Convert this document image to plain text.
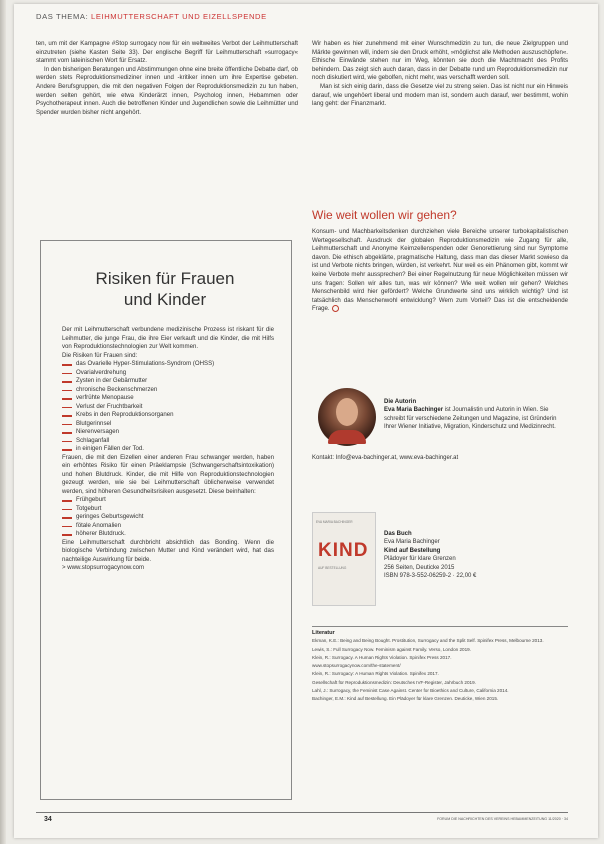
DAS THEMA: LEIHMUTTERSCHAFT UND EIZELLSPENDE

ten, um mit der Kampagne #Stop surrogacy now für ein weltweites Verbot der Leihmutterschaft einzutreten (siehe Kasten Seite 33). Der englische Begriff für Leihmutterschaft »surrogacy« stammt vom lateinischen Wort für Ersatz.

In den bisherigen Beratungen und Abstimmungen ohne eine breite öffentliche Debatte darf, ob werden stets Reproduktionsmediziner innen und -kritiker innen um ihre Expertise gebeten. Andere Berufsgruppen, die mit den negativen Folgen der Reproduktionsmedizin zu tun haben, werden selten gehört, wie etwa Kinderärzt innen, Psycholog innen, Hebammen oder Psychotherapeut innen. Auch die betroffenen Kinder und Jugendlichen sowie die Leihmütter und Spender wurden bisher nicht angehört.

Wir haben es hier zunehmend mit einer Wunschmedizin zu tun, die neue Zielgruppen und Märkte gewinnen will, indem sie den Druck erhöht, »möglichst alle Methoden auszuschöpfen«. Ethische Einwände stehen nur im Weg, könnten sie doch die Machtmacht des Profits behindern. Das zeigt sich auch daran, dass in der Debatte rund um Reproduktionsmedizin nur noch diskutiert wird, wie gebolfen, nicht mehr, was verschafft werden soll.

Man ist sich einig darin, dass die Gesetze viel zu streng seien. Das ist nicht nur ein Hinweis darauf, wie ungehöert liberal und modern man ist, sondern auch darauf, wer bestimmt, wohin lang geht: der Finanzmarkt.

Wie weit wollen wir gehen?
Konsum- und Machbarkeitsdenken durchziehen viele Bereiche unserer turbokapitalistischen Wertegesellschaft. Ausdruck der globalen Reproduktionsmedizin wie Zugang für alle, Leihmutterschaft und Anonyme Keimzellenspenden oder Genorettierung sind nur Symptome davon. Die ethisch abgeklärte, pragmatische Haltung, dass man das dieser Markt sowieso da ist und Verbote nichts bringen, würden, ist verkehrt. Nur weil es ein Phänomen gibt, kommt wir keine Verbote mehr aussprechen? Bei einer Regelnutzung für neue Möglichkeiten müssen wir uns fragen: Sollen wir alles tun, was wir können? Wie weit wollen wir gehen? Welches Menschenbild wird hier gefördert? Welche Grundwerte sind uns wirklich wichtig? Und ist tatsächlich das Menschenwohl entwicklung? Wem zum Vorteil? Das ist die entscheidende Frage.
Risiken für Frauen
und Kinder

Der mit Leihmutterschaft verbundene medizinische Prozess ist riskant für die Leihmutter, die junge Frau, die ihre Eier verkauft und die Kinder, die mit Hilfs von Reproduktionstechnologien zur Welt kommen.

Die Risiken für Frauen sind:

das Ovarielle Hyper-Stimulations-Syndrom (OHSS)
Ovarialverdrehung
Zysten in der Gebärmutter
chronische Beckenschmerzen
verfrühte Menopause
Verlust der Fruchtbarkeit
Krebs in den Reproduktionsorganen
Blutgerinnsel
Nierenversagen
Schlaganfall
in einigen Fällen der Tod.

Frauen, die mit den Eizellen einer anderen Frau schwanger werden, haben ein erhöhtes Risiko für einen Präeklampsie (Schwangerschaftsintoxikation) und hohen Blutdruck. Kinder, die mit Hilfe von Reproduktionstechnologien gezeugt werden, wie sie bei Leihmutterschaft üblicherweise verwendet werden, sind höheren Gesundheitsrisiken ausgesetzt. Diese beinhalten:

Frühgeburt
Totgeburt
geringes Geburtsgewicht
fötale Anomalien
höherer Blutdruck.

Eine Leihmutterschaft durchbricht absichtlich das Bonding. Wenn die biologische Verbindung zwischen Mutter und Kind verändert wird, hat das nachteilige Auswirkung für beide.

> www.stopsurrogacynow.com

Die Autorin
Eva Maria Bachinger ist Journalistin und Autorin in Wien. Sie schreibt für verschiedene Zeitungen und Magazine, ist Gründerin Ihrer Wiener Initiative, Migration, Kinderschutz und Medizinrecht.
Kontakt: Info@eva-bachinger.at, www.eva-bachinger.at
EVA MARIA BACHINGER
KIND
AUF BESTELLUNG
Das Buch
Eva Maria Bachinger
Kind auf Bestellung
Plädoyer für klare Grenzen
256 Seiten, Deuticke 2015
ISBN 978-3-552-06259-2 · 22,00 €
Literatur
Ekman, K.E.: Being and Being Bought. Prostitution, Surrogacy and the Split Self. Spinifex Press, Melbourne 2013.
Lewis, S.: Full Surrogacy Now. Feminism against Family. Verso, London 2019.
Klein, R.: Surrogacy. A Human Rights Violation. Spinifex Press 2017.
www.stopsurrogacynow.com/the-statement/
Klein, R.: Surrogacy: A Human Rights Violation. Spinifex 2017.
Gesellschaft für Reproduktionsmedizin: Deutsches IVF-Register, Jahrbuch 2019.
Lahl, J.: Surrogacy, the Feminist Case Against. Center for Bioethics and Culture, California 2014.
Bachinger, E.M.: Kind auf Bestellung. Ein Plädoyer für klare Grenzen. Deuticke, Wien 2015.
34	FORUM DIE NACHRICHTEN DES VEREINS HEBAMMENZEITUNG 11/2020 · 34
